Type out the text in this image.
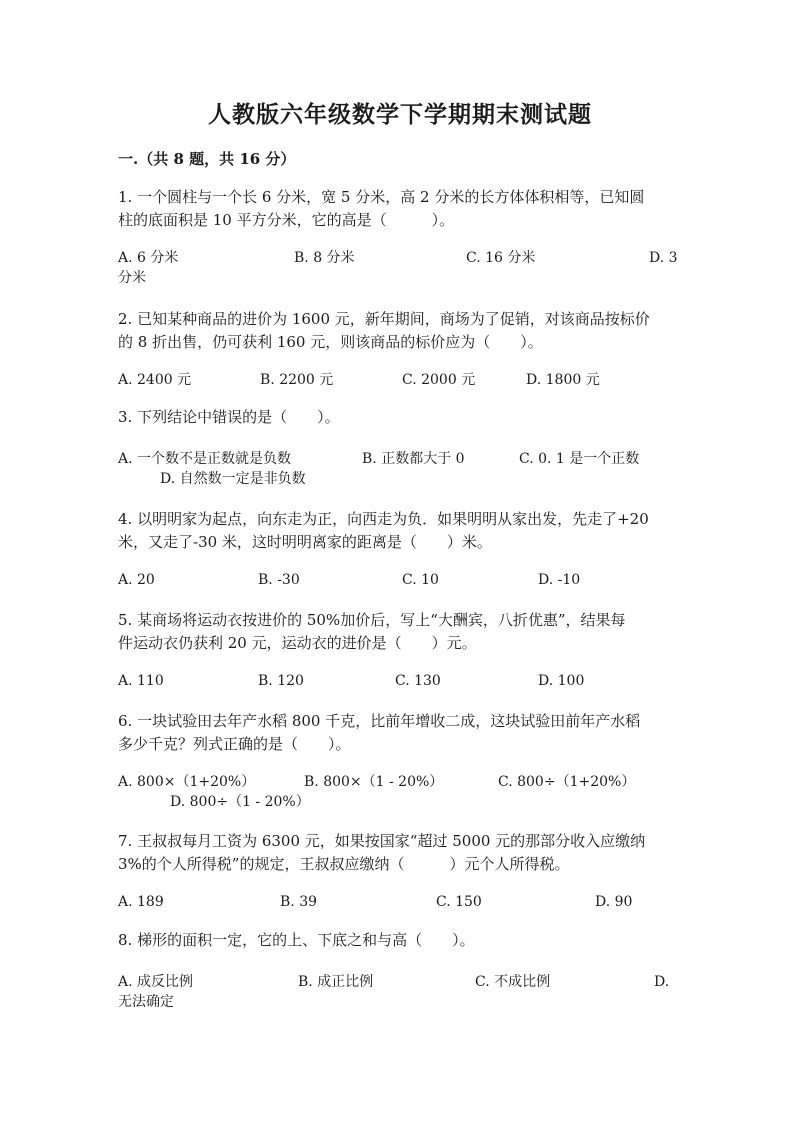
人教版六年级数学下学期期末测试题
一.（共 8 题，共 16 分）
1. 一个圆柱与一个长 6 分米，宽 5 分米，高 2 分米的长方体体积相等，已知圆
柱的底面积是 10 平方分米，它的高是（　　　）。
A. 6 分米	B. 8 分米	C. 16 分米	D. 3
分米
2. 已知某种商品的进价为 1600 元，新年期间，商场为了促销，对该商品按标价
的 8 折出售，仍可获利 160 元，则该商品的标价应为（　　）。
A. 2400 元	B. 2200 元	C. 2000 元	D. 1800 元
3. 下列结论中错误的是（　　）。
A. 一个数不是正数就是负数	B. 正数都大于 0	C. 0. 1 是一个正数
D. 自然数一定是非负数
4. 以明明家为起点，向东走为正，向西走为负．如果明明从家出发，先走了+20
米，又走了-30 米，这时明明离家的距离是（　　）米。
A. 20	B. -30	C. 10	D. -10
5. 某商场将运动衣按进价的 50%加价后，写上“大酬宾，八折优惠”，结果每
件运动衣仍获利 20 元，运动衣的进价是（　　）元。
A. 110	B. 120	C. 130	D. 100
6. 一块试验田去年产水稻 800 千克，比前年增收二成，这块试验田前年产水稻
多少千克？列式正确的是（　　）。
A. 800×（1+20%）	B. 800×（1 - 20%）	C. 800÷（1+20%）
D. 800÷（1 - 20%）
7. 王叔叔每月工资为 6300 元，如果按国家“超过 5000 元的那部分收入应缴纳
3%的个人所得税”的规定，王叔叔应缴纳（　　　）元个人所得税。
A. 189	B. 39	C. 150	D. 90
8. 梯形的面积一定，它的上、下底之和与高（　　）。
A. 成反比例	B. 成正比例	C. 不成比例	D.
无法确定
